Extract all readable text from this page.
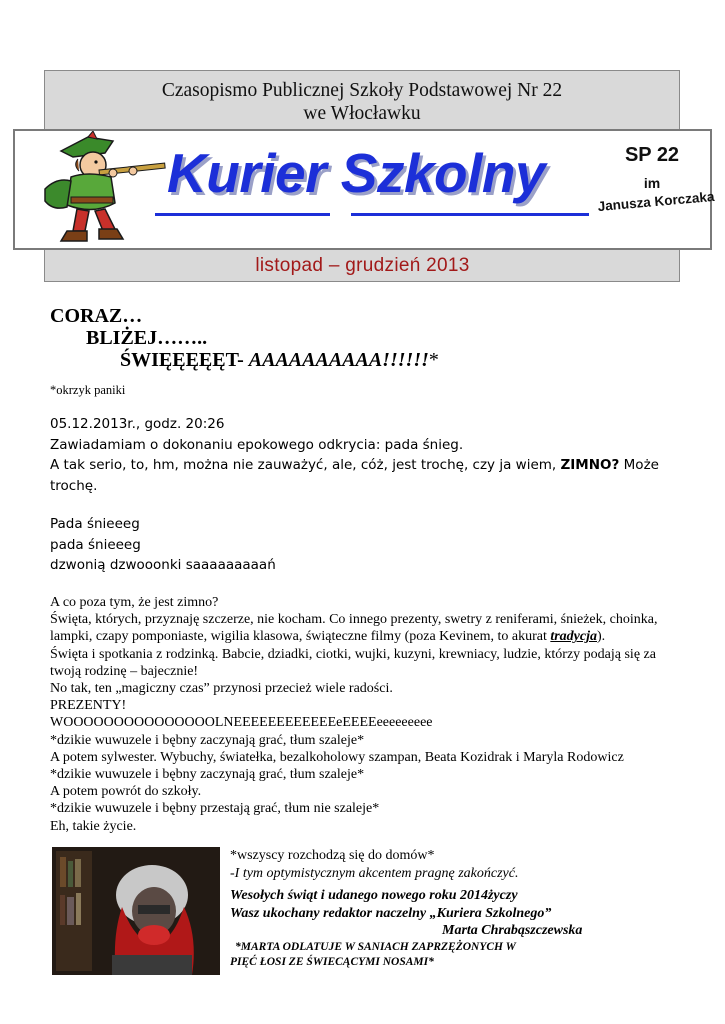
Czasopismo Publicznej Szkoły Podstawowej Nr 22
we Włocławku
Kurier Szkolny	SP 22
im
Janusza Korczaka
listopad – grudzień 2013
CORAZ…
BLIŻEJ……..
ŚWIĘĘĘĘĘT- AAAAAAAAAA!!!!!!*
*okrzyk paniki

05.12.2013r., godz. 20:26

Zawiadamiam o dokonaniu epokowego odkrycia: pada śnieg.

A tak serio, to, hm, można nie zauważyć, ale, cóż, jest trochę, czy ja wiem, ZIMNO? Może trochę.

Pada śnieeeg

pada śnieeeg

dzwonią dzwooonki saaaaaaaaań

A co poza tym, że jest zimno?

Święta, których, przyznaję szczerze, nie kocham. Co innego prezenty, swetry z reniferami, śnieżek, choinka, lampki, czapy pomponiaste, wigilia klasowa, świąteczne filmy (poza Kevinem, to akurat tradycja).

Święta i spotkania z rodzinką. Babcie, dziadki, ciotki, wujki, kuzyni, krewniacy, ludzie, którzy podają się za twoją rodzinę – bajecznie!

No tak, ten „magiczny czas” przynosi przecież wiele radości.

PREZENTY!

WOOOOOOOOOOOOOOOLNEEEEEEEEEEEEeEEEEeeeeeeeee

*dzikie wuwuzele i bębny zaczynają grać, tłum szaleje*

A potem sylwester. Wybuchy, światełka, bezalkoholowy szampan, Beata Kozidrak i Maryla Rodowicz

*dzikie wuwuzele i bębny zaczynają grać, tłum szaleje*

A potem powrót do szkoły.

*dzikie wuwuzele i bębny przestają grać, tłum nie szaleje*

Eh, takie życie.

*wszyscy rozchodzą się do domów*

-I tym optymistycznym akcentem pragnę zakończyć.

Wesołych świąt i udanego nowego roku 2014życzy

Wasz ukochany redaktor naczelny „Kuriera Szkolnego”

Marta Chrabąszczewska

*MARTA ODLATUJE W SANIACH ZAPRZĘŻONYCH W

PIĘĆ ŁOSI ZE ŚWIECĄCYMI NOSAMI*
